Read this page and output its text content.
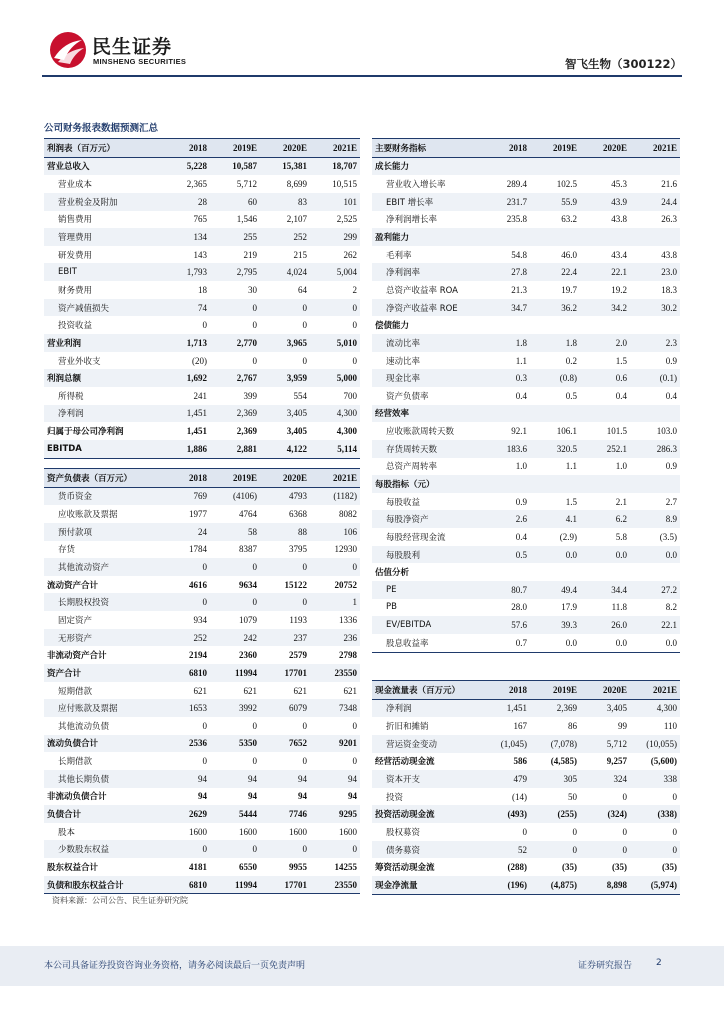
民生证券
MINSHENG SECURITIES	智飞生物（300122）
公司财务报表数据预测汇总
利润表（百万元）	2018	2019E	2020E	2021E
营业总收入	5,228	10,587	15,381	18,707
营业成本	2,365	5,712	8,699	10,515
营业税金及附加	28	60	83	101
销售费用	765	1,546	2,107	2,525
管理费用	134	255	252	299
研发费用	143	219	215	262
EBIT	1,793	2,795	4,024	5,004
财务费用	18	30	64	2
资产减值损失	74	0	0	0
投资收益	0	0	0	0
营业利润	1,713	2,770	3,965	5,010
营业外收支	(20)	0	0	0
利润总额	1,692	2,767	3,959	5,000
所得税	241	399	554	700
净利润	1,451	2,369	3,405	4,300
归属于母公司净利润	1,451	2,369	3,405	4,300
EBITDA	1,886	2,881	4,122	5,114
资产负债表（百万元）	2018	2019E	2020E	2021E
货币资金	769	(4106)	4793	(1182)
应收账款及票据	1977	4764	6368	8082
预付款项	24	58	88	106
存货	1784	8387	3795	12930
其他流动资产	0	0	0	0
流动资产合计	4616	9634	15122	20752
长期股权投资	0	0	0	1
固定资产	934	1079	1193	1336
无形资产	252	242	237	236
非流动资产合计	2194	2360	2579	2798
资产合计	6810	11994	17701	23550
短期借款	621	621	621	621
应付账款及票据	1653	3992	6079	7348
其他流动负债	0	0	0	0
流动负债合计	2536	5350	7652	9201
长期借款	0	0	0	0
其他长期负债	94	94	94	94
非流动负债合计	94	94	94	94
负债合计	2629	5444	7746	9295
股本	1600	1600	1600	1600
少数股东权益	0	0	0	0
股东权益合计	4181	6550	9955	14255
负债和股东权益合计	6810	11994	17701	23550
主要财务指标	2018	2019E	2020E	2021E
成长能力				
营业收入增长率	289.4	102.5	45.3	21.6
EBIT 增长率	231.7	55.9	43.9	24.4
净利润增长率	235.8	63.2	43.8	26.3
盈利能力				
毛利率	54.8	46.0	43.4	43.8
净利润率	27.8	22.4	22.1	23.0
总资产收益率 ROA	21.3	19.7	19.2	18.3
净资产收益率 ROE	34.7	36.2	34.2	30.2
偿债能力				
流动比率	1.8	1.8	2.0	2.3
速动比率	1.1	0.2	1.5	0.9
现金比率	0.3	(0.8)	0.6	(0.1)
资产负债率	0.4	0.5	0.4	0.4
经营效率				
应收账款周转天数	92.1	106.1	101.5	103.0
存货周转天数	183.6	320.5	252.1	286.3
总资产周转率	1.0	1.1	1.0	0.9
每股指标（元）				
每股收益	0.9	1.5	2.1	2.7
每股净资产	2.6	4.1	6.2	8.9
每股经营现金流	0.4	(2.9)	5.8	(3.5)
每股股利	0.5	0.0	0.0	0.0
估值分析				
PE	80.7	49.4	34.4	27.2
PB	28.0	17.9	11.8	8.2
EV/EBITDA	57.6	39.3	26.0	22.1
股息收益率	0.7	0.0	0.0	0.0
现金流量表（百万元）	2018	2019E	2020E	2021E
净利润	1,451	2,369	3,405	4,300
折旧和摊销	167	86	99	110
营运资金变动	(1,045)	(7,078)	5,712	(10,055)
经营活动现金流	586	(4,585)	9,257	(5,600)
资本开支	479	305	324	338
投资	(14)	50	0	0
投资活动现金流	(493)	(255)	(324)	(338)
股权募资	0	0	0	0
债务募资	52	0	0	0
筹资活动现金流	(288)	(35)	(35)	(35)
现金净流量	(196)	(4,875)	8,898	(5,974)
资料来源：公司公告、民生证券研究院
本公司具备证券投资咨询业务资格，请务必阅读最后一页免责声明	证券研究报告	2
